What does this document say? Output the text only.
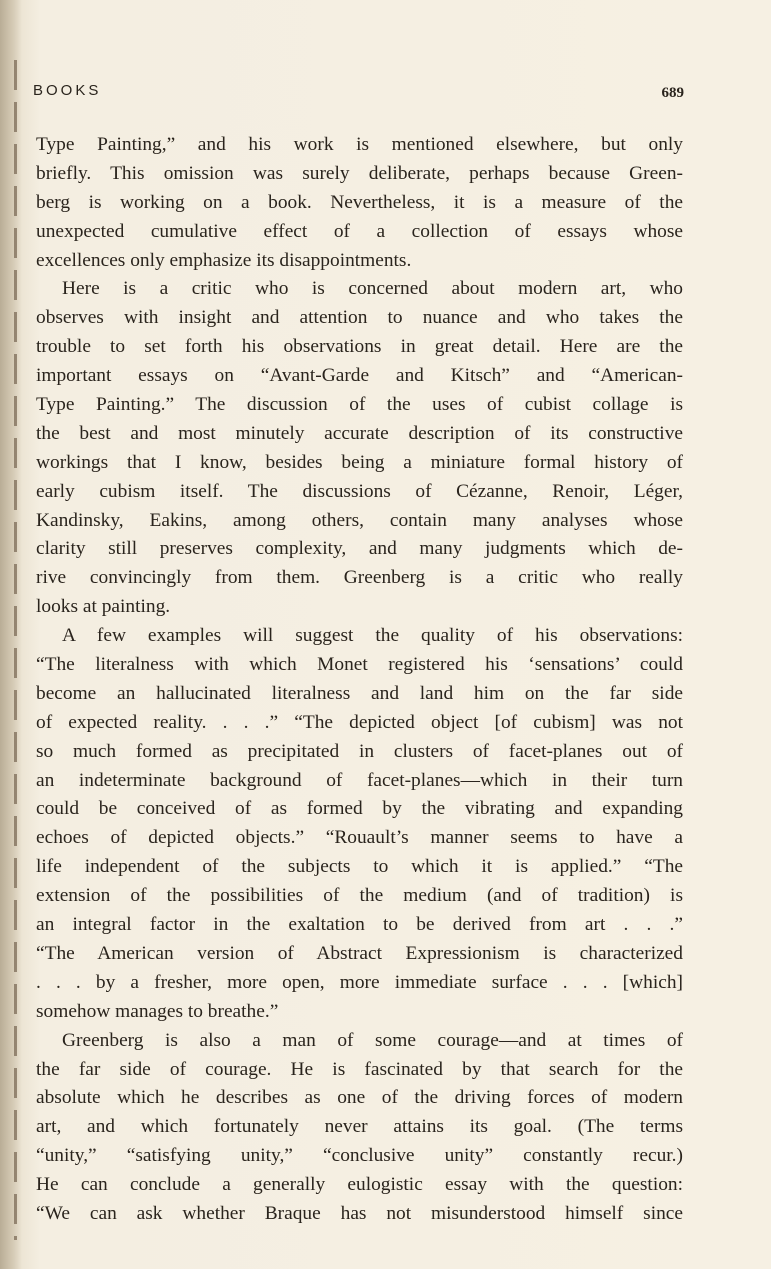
BOOKS	689
Type Painting,” and his work is mentioned elsewhere, but only
briefly. This omission was surely deliberate, perhaps because Green-
berg is working on a book. Nevertheless, it is a measure of the
unexpected cumulative effect of a collection of essays whose
excellences only emphasize its disappointments.
Here is a critic who is concerned about modern art, who
observes with insight and attention to nuance and who takes the
trouble to set forth his observations in great detail. Here are the
important essays on “Avant-Garde and Kitsch” and “American-
Type Painting.” The discussion of the uses of cubist collage is
the best and most minutely accurate description of its constructive
workings that I know, besides being a miniature formal history of
early cubism itself. The discussions of Cézanne, Renoir, Léger,
Kandinsky, Eakins, among others, contain many analyses whose
clarity still preserves complexity, and many judgments which de-
rive convincingly from them. Greenberg is a critic who really
looks at painting.
A few examples will suggest the quality of his observations:
“The literalness with which Monet registered his ‘sensations’ could
become an hallucinated literalness and land him on the far side
of expected reality. . . .” “The depicted object [of cubism] was not
so much formed as precipitated in clusters of facet-planes out of
an indeterminate background of facet-planes—which in their turn
could be conceived of as formed by the vibrating and expanding
echoes of depicted objects.” “Rouault’s manner seems to have a
life independent of the subjects to which it is applied.” “The
extension of the possibilities of the medium (and of tradition) is
an integral factor in the exaltation to be derived from art . . .”
“The American version of Abstract Expressionism is characterized
. . . by a fresher, more open, more immediate surface . . . [which]
somehow manages to breathe.”
Greenberg is also a man of some courage—and at times of
the far side of courage. He is fascinated by that search for the
absolute which he describes as one of the driving forces of modern
art, and which fortunately never attains its goal. (The terms
“unity,” “satisfying unity,” “conclusive unity” constantly recur.)
He can conclude a generally eulogistic essay with the question:
“We can ask whether Braque has not misunderstood himself since
